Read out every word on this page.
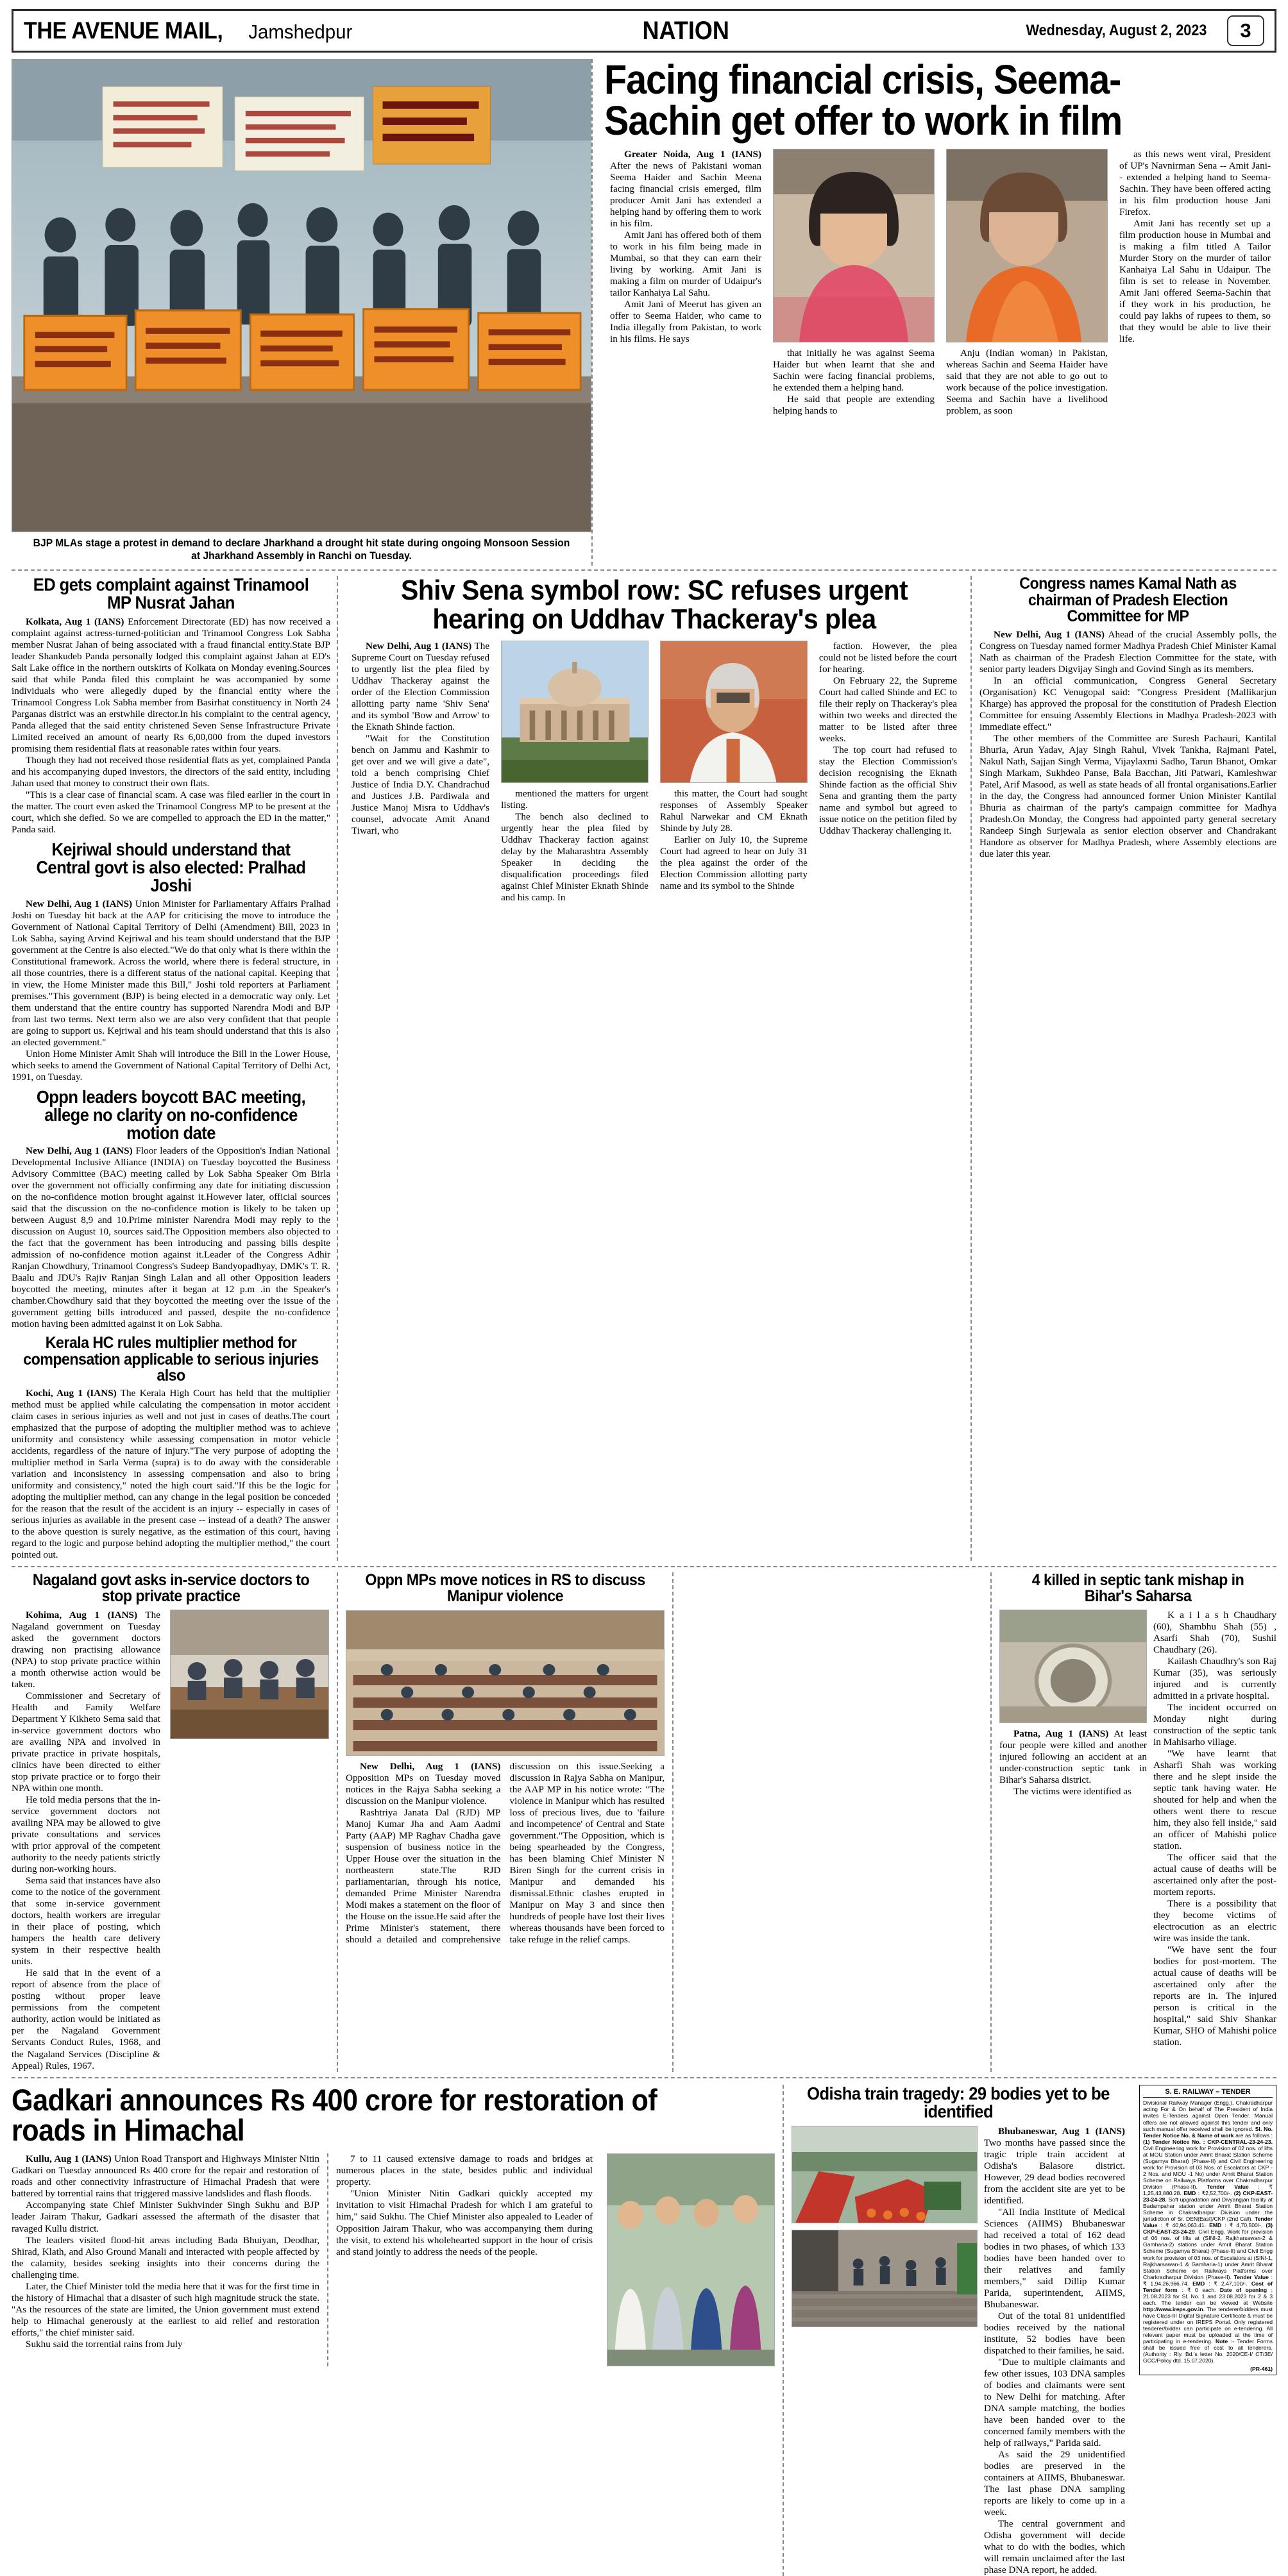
THE AVENUE MAIL, Jamshedpur	NATION	Wednesday, August 2, 2023	3
BJP MLAs stage a protest in demand to declare Jharkhand a drought hit state during ongoing Monsoon Session at Jharkhand Assembly in Ranchi on Tuesday.
Facing financial crisis, Seema-Sachin get offer to work in film

Greater Noida, Aug 1 (IANS) After the news of Pakistani woman Seema Haider and Sachin Meena facing financial crisis emerged, film producer Amit Jani has extended a helping hand by offering them to work in his film.

Amit Jani has offered both of them to work in his film being made in Mumbai, so that they can earn their living by working. Amit Jani is making a film on murder of Udaipur's tailor Kanhaiya Lal Sahu.

Amit Jani of Meerut has given an offer to Seema Haider, who came to India illegally from Pakistan, to work in his films. He says

that initially he was against Seema Haider but when learnt that she and Sachin were facing financial problems, he extended them a helping hand.

He said that people are extending helping hands to

Anju (Indian woman) in Pakistan, whereas Sachin and Seema Haider have said that they are not able to go out to work because of the police investigation. Seema and Sachin have a livelihood problem, as soon

as this news went viral, President of UP's Navnirman Sena -- Amit Jani-- extended a helping hand to Seema-Sachin. They have been offered acting in his film production house Jani Firefox.

Amit Jani has recently set up a film production house in Mumbai and is making a film titled A Tailor Murder Story on the murder of tailor Kanhaiya Lal Sahu in Udaipur. The film is set to release in November. Amit Jani offered Seema-Sachin that if they work in his production, he could pay lakhs of rupees to them, so that they would be able to live their life.

ED gets complaint against Trinamool MP Nusrat Jahan

Kolkata, Aug 1 (IANS) Enforcement Directorate (ED) has now received a complaint against actress-turned-politician and Trinamool Congress Lok Sabha member Nusrat Jahan of being associated with a fraud financial entity.State BJP leader Shankudeb Panda personally lodged this complaint against Jahan at ED's Salt Lake office in the northern outskirts of Kolkata on Monday evening.Sources said that while Panda filed this complaint he was accompanied by some individuals who were allegedly duped by the financial entity where the Trinamool Congress Lok Sabha member from Basirhat constituency in North 24 Parganas district was an erstwhile director.In his complaint to the central agency, Panda alleged that the said entity christened Seven Sense Infrastructure Private Limited received an amount of nearly Rs 6,00,000 from the duped investors promising them residential flats at reasonable rates within four years.

Though they had not received those residential flats as yet, complained Panda and his accompanying duped investors, the directors of the said entity, including Jahan used that money to construct their own flats.

"This is a clear case of financial scam. A case was filed earlier in the court in the matter. The court even asked the Trinamool Congress MP to be present at the court, which she defied. So we are compelled to approach the ED in the matter," Panda said.

Kejriwal should understand that Central govt is also elected: Pralhad Joshi

New Delhi, Aug 1 (IANS) Union Minister for Parliamentary Affairs Pralhad Joshi on Tuesday hit back at the AAP for criticising the move to introduce the Government of National Capital Territory of Delhi (Amendment) Bill, 2023 in Lok Sabha, saying Arvind Kejriwal and his team should understand that the BJP government at the Centre is also elected."We do that only what is there within the Constitutional framework. Across the world, where there is federal structure, in all those countries, there is a different status of the national capital. Keeping that in view, the Home Minister made this Bill," Joshi told reporters at Parliament premises."This government (BJP) is being elected in a democratic way only. Let them understand that the entire country has supported Narendra Modi and BJP from last two terms. Next term also we are also very confident that that people are going to support us. Kejriwal and his team should understand that this is also an elected government."

Union Home Minister Amit Shah will introduce the Bill in the Lower House, which seeks to amend the Government of National Capital Territory of Delhi Act, 1991, on Tuesday.

Oppn leaders boycott BAC meeting, allege no clarity on no-confidence motion date

New Delhi, Aug 1 (IANS) Floor leaders of the Opposition's Indian National Developmental Inclusive Alliance (INDIA) on Tuesday boycotted the Business Advisory Committee (BAC) meeting called by Lok Sabha Speaker Om Birla over the government not officially confirming any date for initiating discussion on the no-confidence motion brought against it.However later, official sources said that the discussion on the no-confidence motion is likely to be taken up between August 8,9 and 10.Prime minister Narendra Modi may reply to the discussion on August 10, sources said.The Opposition members also objected to the fact that the government has been introducing and passing bills despite admission of no-confidence motion against it.Leader of the Congress Adhir Ranjan Chowdhury, Trinamool Congress's Sudeep Bandyopadhyay, DMK's T. R. Baalu and JDU's Rajiv Ranjan Singh Lalan and all other Opposition leaders boycotted the meeting, minutes after it began at 12 p.m .in the Speaker's chamber.Chowdhury said that they boycotted the meeting over the issue of the government getting bills introduced and passed, despite the no-confidence motion having been admitted against it on Lok Sabha.

Kerala HC rules multiplier method for compensation applicable to serious injuries also

Kochi, Aug 1 (IANS) The Kerala High Court has held that the multiplier method must be applied while calculating the compensation in motor accident claim cases in serious injuries as well and not just in cases of deaths.The court emphasized that the purpose of adopting the multiplier method was to achieve uniformity and consistency while assessing compensation in motor vehicle accidents, regardless of the nature of injury."The very purpose of adopting the multiplier method in Sarla Verma (supra) is to do away with the considerable variation and inconsistency in assessing compensation and also to bring uniformity and consistency," noted the high court said."If this be the logic for adopting the multiplier method, can any change in the legal position be conceded for the reason that the result of the accident is an injury -- especially in cases of serious injuries as available in the present case -- instead of a death? The answer to the above question is surely negative, as the estimation of this court, having regard to the logic and purpose behind adopting the multiplier method," the court pointed out.

Shiv Sena symbol row: SC refuses urgent hearing on Uddhav Thackeray's plea

New Delhi, Aug 1 (IANS) The Supreme Court on Tuesday refused to urgently list the plea filed by Uddhav Thackeray against the order of the Election Commission allotting party name 'Shiv Sena' and its symbol 'Bow and Arrow' to the Eknath Shinde faction.

"Wait for the Constitution bench on Jammu and Kashmir to get over and we will give a date", told a bench comprising Chief Justice of India D.Y. Chandrachud and Justices J.B. Pardiwala and Justice Manoj Misra to Uddhav's counsel, advocate Amit Anand Tiwari, who

mentioned the matters for urgent listing.

The bench also declined to urgently hear the plea filed by Uddhav Thackeray faction against delay by the Maharashtra Assembly Speaker in deciding the disqualification proceedings filed against Chief Minister Eknath Shinde and his camp. In

this matter, the Court had sought responses of Assembly Speaker Rahul Narwekar and CM Eknath Shinde by July 28.

Earlier on July 10, the Supreme Court had agreed to hear on July 31 the plea against the order of the Election Commission allotting party name and its symbol to the Shinde

faction. However, the plea could not be listed before the court for hearing.

On February 22, the Supreme Court had called Shinde and EC to file their reply on Thackeray's plea within two weeks and directed the matter to be listed after three weeks.

The top court had refused to stay the Election Commission's decision recognising the Eknath Shinde faction as the official Shiv Sena and granting them the party name and symbol but agreed to issue notice on the petition filed by Uddhav Thackeray challenging it.

Congress names Kamal Nath as chairman of Pradesh Election Committee for MP

New Delhi, Aug 1 (IANS) Ahead of the crucial Assembly polls, the Congress on Tuesday named former Madhya Pradesh Chief Minister Kamal Nath as chairman of the Pradesh Election Committee for the state, with senior party leaders Digvijay Singh and Govind Singh as its members.

In an official communication, Congress General Secretary (Organisation) KC Venugopal said: "Congress President (Mallikarjun Kharge) has approved the proposal for the constitution of Pradesh Election Committee for ensuing Assembly Elections in Madhya Pradesh-2023 with immediate effect."

The other members of the Committee are Suresh Pachauri, Kantilal Bhuria, Arun Yadav, Ajay Singh Rahul, Vivek Tankha, Rajmani Patel, Nakul Nath, Sajjan Singh Verma, Vijaylaxmi Sadho, Tarun Bhanot, Omkar Singh Markam, Sukhdeo Panse, Bala Bacchan, Jiti Patwari, Kamleshwar Patel, Arif Masood, as well as state heads of all frontal organisations.Earlier in the day, the Congress had announced former Union Minister Kantilal Bhuria as chairman of the party's campaign committee for Madhya Pradesh.On Monday, the Congress had appointed party general secretary Randeep Singh Surjewala as senior election observer and Chandrakant Handore as observer for Madhya Pradesh, where Assembly elections are due later this year.

Nagaland govt asks in-service doctors to stop private practice

Kohima, Aug 1 (IANS) The Nagaland government on Tuesday asked the government doctors drawing non practising allowance (NPA) to stop private practice within a month otherwise action would be taken.

Commissioner and Secretary of Health and Family Welfare Department Y Kikheto Sema said that in-service government doctors who are availing NPA and involved in private practice in private hospitals, clinics have been directed to either stop private practice or to forgo their NPA within one month.

He told media persons that the in-service government doctors not availing NPA may be allowed to give private consultations and services with prior approval of the competent authority to the needy patients strictly during non-working hours.

Sema said that instances have also come to the notice of the government that some in-service government doctors, health workers are irregular in their place of posting, which hampers the health care delivery system in their respective health units.

He said that in the event of a report of absence from the place of posting without proper leave permissions from the competent authority, action would be initiated as per the Nagaland Government Servants Conduct Rules, 1968, and the Nagaland Services (Discipline & Appeal) Rules, 1967.

Oppn MPs move notices in RS to discuss Manipur violence

New Delhi, Aug 1 (IANS) Opposition MPs on Tuesday moved notices in the Rajya Sabha seeking a discussion on the Manipur violence.

Rashtriya Janata Dal (RJD) MP Manoj Kumar Jha and Aam Aadmi Party (AAP) MP Raghav Chadha gave suspension of business notice in the Upper House over the situation in the northeastern state.The RJD parliamentarian, through his notice, demanded Prime Minister Narendra Modi makes a statement on the floor of the House on the issue.He said after the Prime Minister's statement, there should a detailed and comprehensive discussion on this issue.Seeking a discussion in Rajya Sabha on Manipur, the AAP MP in his notice wrote: "The violence in Manipur which has resulted loss of precious lives, due to 'failure and incompetence' of Central and State government."The Opposition, which is being spearheaded by the Congress, has been blaming Chief Minister N Biren Singh for the current crisis in Manipur and demanded his dismissal.Ethnic clashes erupted in Manipur on May 3 and since then hundreds of people have lost their lives whereas thousands have been forced to take refuge in the relief camps.

4 killed in septic tank mishap in Bihar's Saharsa

Patna, Aug 1 (IANS) At least four people were killed and another injured following an accident at an under-construction septic tank in Bihar's Saharsa district.

The victims were identified as

K a i l a s h Chaudhary (60), Shambhu Shah (55) , Asarfi Shah (70), Sushil Chaudhary (26).

Kailash Chaudhry's son Raj Kumar (35), was seriously injured and is currently admitted in a private hospital.

The incident occurred on Monday night during construction of the septic tank in Mahisarho village.

"We have learnt that Asharfi Shah was working there and he slept inside the septic tank having water. He shouted for help and when the others went there to rescue him, they also fell inside," said an officer of Mahishi police station.

The officer said that the actual cause of deaths will be ascertained only after the post-mortem reports.

There is a possibility that they become victims of electrocution as an electric wire was inside the tank.

"We have sent the four bodies for post-mortem. The actual cause of deaths will be ascertained only after the reports are in. The injured person is critical in the hospital," said Shiv Shankar Kumar, SHO of Mahishi police station.

Gadkari announces Rs 400 crore for restoration of roads in Himachal

Kullu, Aug 1 (IANS) Union Road Transport and Highways Minister Nitin Gadkari on Tuesday announced Rs 400 crore for the repair and restoration of roads and other connectivity infrastructure of Himachal Pradesh that were battered by torrential rains that triggered massive landslides and flash floods.

Accompanying state Chief Minister Sukhvinder Singh Sukhu and BJP leader Jairam Thakur, Gadkari assessed the aftermath of the disaster that ravaged Kullu district.

The leaders visited flood-hit areas including Bada Bhuiyan, Deodhar, Shirad, Klath, and Also Ground Manali and interacted with people affected by the calamity, besides seeking insights into their concerns during the challenging time.

Later, the Chief Minister told the media here that it was for the first time in the history of Himachal that a disaster of such high magnitude struck the state. "As the resources of the state are limited, the Union government must extend help to Himachal generously at the earliest to aid relief and restoration efforts," the chief minister said.

Sukhu said the torrential rains from July

7 to 11 caused extensive damage to roads and bridges at numerous places in the state, besides public and individual property.

"Union Minister Nitin Gadkari quickly accepted my invitation to visit Himachal Pradesh for which I am grateful to him," said Sukhu. The Chief Minister also appealed to Leader of Opposition Jairam Thakur, who was accompanying them during the visit, to extend his wholehearted support in the hour of crisis and stand jointly to address the needs of the people.

Odisha train tragedy: 29 bodies yet to be identified

Bhubaneswar, Aug 1 (IANS) Two months have passed since the tragic triple train accident at Odisha's Balasore district. However, 29 dead bodies recovered from the accident site are yet to be identified.

"All India Institute of Medical Sciences (AIIMS) Bhubaneswar had received a total of 162 dead bodies in two phases, of which 133 bodies have been handed over to their relatives and family members," said Dillip Kumar Parida, superintendent, AIIMS, Bhubaneswar.

Out of the total 81 unidentified bodies received by the national institute, 52 bodies have been dispatched to their families, he said.

"Due to multiple claimants and few other issues, 103 DNA samples of bodies and claimants were sent to New Delhi for matching. After DNA sample matching, the bodies have been handed over to the concerned family members with the help of railways," Parida said.

As said the 29 unidentified bodies are preserved in the containers at AIIMS, Bhubaneswar. The last phase DNA sampling reports are likely to come up in a week.

The central government and Odisha government will decide what to do with the bodies, which will remain unclaimed after the last phase DNA report, he added.

S. E. RAILWAY – TENDER
Divisional Railway Manager (Engg.), Chakradharpur acting For & On behalf of The President of India invites E-Tenders against Open Tender. Manual offers are not allowed against this tender and only such manual offer received shall be ignored. Sl. No. Tender Notice No. & Name of work are as follows : (1) Tender Notice No. : CKP-CENTRAL-23-24-23. Civil Engineering work for Provision of 02 nos. of lifts at MOU Station under Amrit Bharat Station Scheme (Sugamya Bharat) (Phase-II) and Civil Engineering work for Provision of 03 Nos. of Escalators at CKP - 2 Nos. and MOU -1 No) under Amrit Bharat Station Scheme on Railways Platforms over Chakradharpur Division (Phase-II). Tender Value : ₹ 1,25,43,880.28. EMD : ₹2,52,700/-. (2) CKP-EAST-23-24-28. Soft upgradation and Divyangjan facility at Badampahar station under Amrit Bharat Station Scheme in Chakradharpur Division under the jurisdiction of Sr. DEN(East)/CKP (2nd Call). Tender Value : ₹ 40,94,063.41. EMD : ₹ 4,70,500/-. (3) CKP-EAST-23-24-29. Civil Engg. Work for provision of 06 nos. of lifts at (SINI-2, Rajkharsawan-2 & Gamharia-2) stations under Amrit Bharat Station Scheme (Sugamya Bharat) (Phase-II) and Civil Engg work for provision of 03 nos. of Escalators at (SINI-1, Rajkharsawan-1 & Gamharia-1) under Amrit Bharat Station Scheme on Railways Platforms over Charkradharpur Division (Phase-II). Tender Value : ₹ 1,94,26,966.74. EMD : ₹ 2,47,100/-. Cost of Tender form : ₹ 0 each. Date of opening : 21.08.2023 for Sl. No. 1 and 23.08.2023 for 2 & 3 each. The tender can be viewed at Website http://www.ireps.gov.in. The tenderer/bidders must have Class-III Digital Signature Certificate & must be registered under on IREPS Portal. Only registered tenderer/bidder can participate on e-tendering. All relevant paper must be uploaded at the time of participating in e-tendering. Note :- Tender Forms shall be issued free of cost to all tenderers. (Authority : Rly. Bd.'s letter No. 2020/CE-I/ CT/3E/ GCC/Policy dtd. 15.07.2020).
(PR-461)
